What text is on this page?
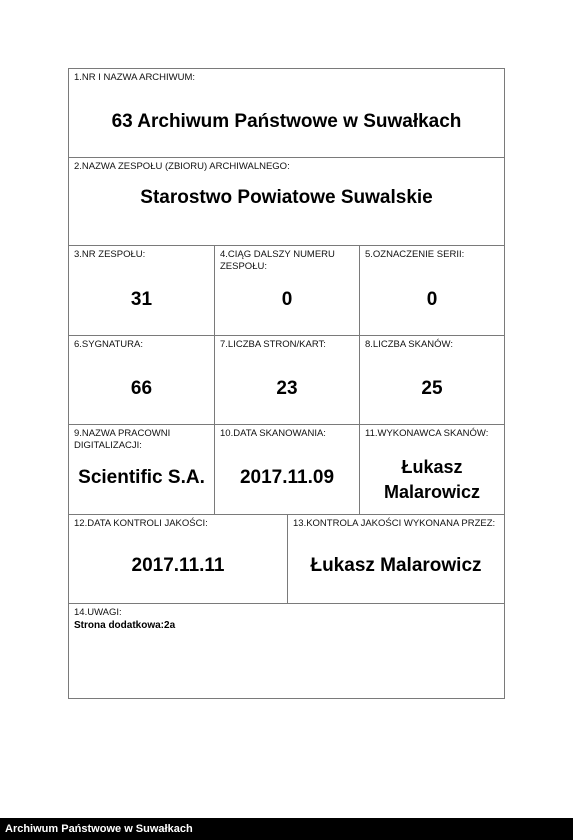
1.NR I NAZWA ARCHIWUM:
63 Archiwum Państwowe w Suwałkach
2.NAZWA ZESPOŁU (ZBIORU) ARCHIWALNEGO:
Starostwo Powiatowe Suwalskie
3.NR ZESPOŁU:
31
4.CIĄG DALSZY NUMERU ZESPOŁU:
0
5.OZNACZENIE SERII:
0
6.SYGNATURA:
66
7.LICZBA STRON/KART:
23
8.LICZBA SKANÓW:
25
9.NAZWA PRACOWNI DIGITALIZACJI:
Scientific S.A.
10.DATA SKANOWANIA:
2017.11.09
11.WYKONAWCA SKANÓW:
Łukasz Malarowicz
12.DATA KONTROLI JAKOŚCI:
2017.11.11
13.KONTROLA JAKOŚCI WYKONANA PRZEZ:
Łukasz Malarowicz
14.UWAGI:
Strona dodatkowa:2a
Archiwum Państwowe w Suwałkach
